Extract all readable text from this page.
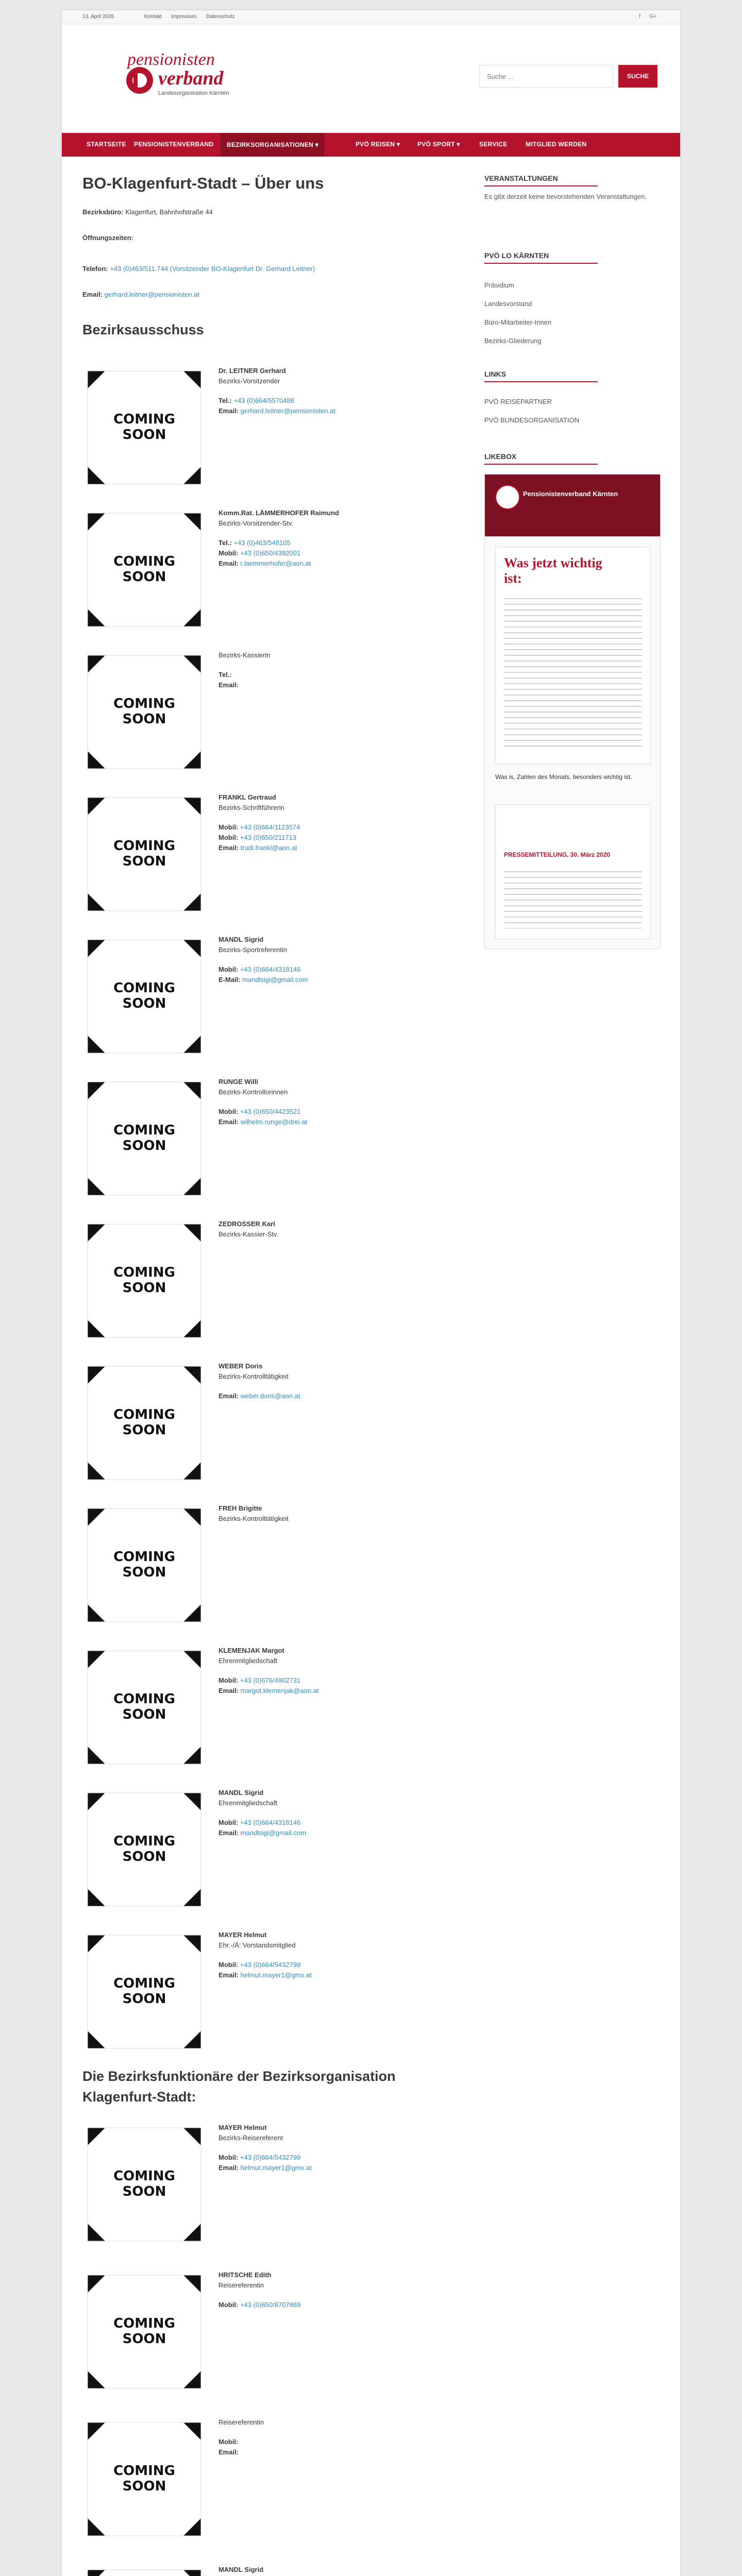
13. April 2026	Kontakt Impressum Datenschutz	f G+
pensionisten
verband
Landesorganisation Kärnten
Suche ...
SUCHE
STARTSEITE PENSIONISTENVERBAND	BEZIRKSORGANISATIONEN ▾	PVÖ REISEN ▾	PVÖ SPORT ▾	SERVICE	MITGLIED WERDEN
BO-Klagenfurt-Stadt – Über uns
Bezirksbüro: Klagenfurt, Bahnhofstraße 44
Öffnungszeiten:
Telefon: +43 (0)463/511.744 (Vorsitzender BO-Klagenfurt Dr. Gerhard Leitner)
Email: gerhard.leitner@pensionisten.at
Bezirksausschuss
COMING
SOON
Dr. LEITNER Gerhard
Bezirks-Vorsitzender
Tel.: +43 (0)664/5570488
Email: gerhard.leitner@pensionisten.at
COMING
SOON
Komm.Rat. LÄMMERHOFER Raimund
Bezirks-Vorsitzender-Stv.
Tel.: +43 (0)463/548105
Mobil: +43 (0)650/4392001
Email: r.laemmerhofer@aon.at
COMING
SOON
Bezirks-Kassierin
Tel.:
Email:
COMING
SOON
FRANKL Gertraud
Bezirks-Schriftführerin
Mobil: +43 (0)664/1123574
Mobil: +43 (0)650/211713
Email: trudi.frankl@aon.at
COMING
SOON
MANDL Sigrid
Bezirks-Sportreferentin
Mobil: +43 (0)664/4318146
E-Mail: mandlsigi@gmail.com
COMING
SOON
RUNGE Willi
Bezirks-Kontrollorinnen
Mobil: +43 (0)650/4423521
Email: wilhelm.runge@drei.at
COMING
SOON
ZEDROSSER Karl
Bezirks-Kassier-Stv.
COMING
SOON
WEBER Doris
Bezirks-Kontrolltätigkeit
Email: weber.doris@aon.at
COMING
SOON
FREH Brigitte
Bezirks-Kontrolltätigkeit
COMING
SOON
KLEMENJAK Margot
Ehrenmitgliedschaft
Mobil: +43 (0)676/4902731
Email: margot.klemenjak@aon.at
COMING
SOON
MANDL Sigrid
Ehrenmitgliedschaft
Mobil: +43 (0)664/4318146
Email: mandlsigi@gmail.com
COMING
SOON
MAYER Helmut
Ehr.-/Ä: Vorstandsmitglied
Mobil: +43 (0)664/5432799
Email: helmut.mayer1@gmx.at
Die Bezirksfunktionäre der Bezirksorganisation Klagenfurt-Stadt:
COMING
SOON
MAYER Helmut
Bezirks-Reisereferent
Mobil: +43 (0)664/5432799
Email: helmut.mayer1@gmx.at
COMING
SOON
HRITSCHE Edith
Reisereferentin
Mobil: +43 (0)650/8707869
COMING
SOON
Reisereferentin
Mobil:
Email:
MANDL Sigrid
VERANSTALTUNGEN
Es gibt derzeit keine bevorstehenden Veranstaltungen.
PVÖ LO KÄRNTEN
Präsidium
Landesvorstand
Büro-Mitarbeiter-Innen
Bezirks-Gliederung
LINKS
PVÖ REISEPARTNER
PVÖ BUNDESORGANISATION
LIKEBOX
Pensionistenverband Kärnten
Was jetzt wichtig ist:
Was is, Zahlen des Monats, besonders wichtig ist.
PRESSEMITTEILUNG, 30. März 2020
